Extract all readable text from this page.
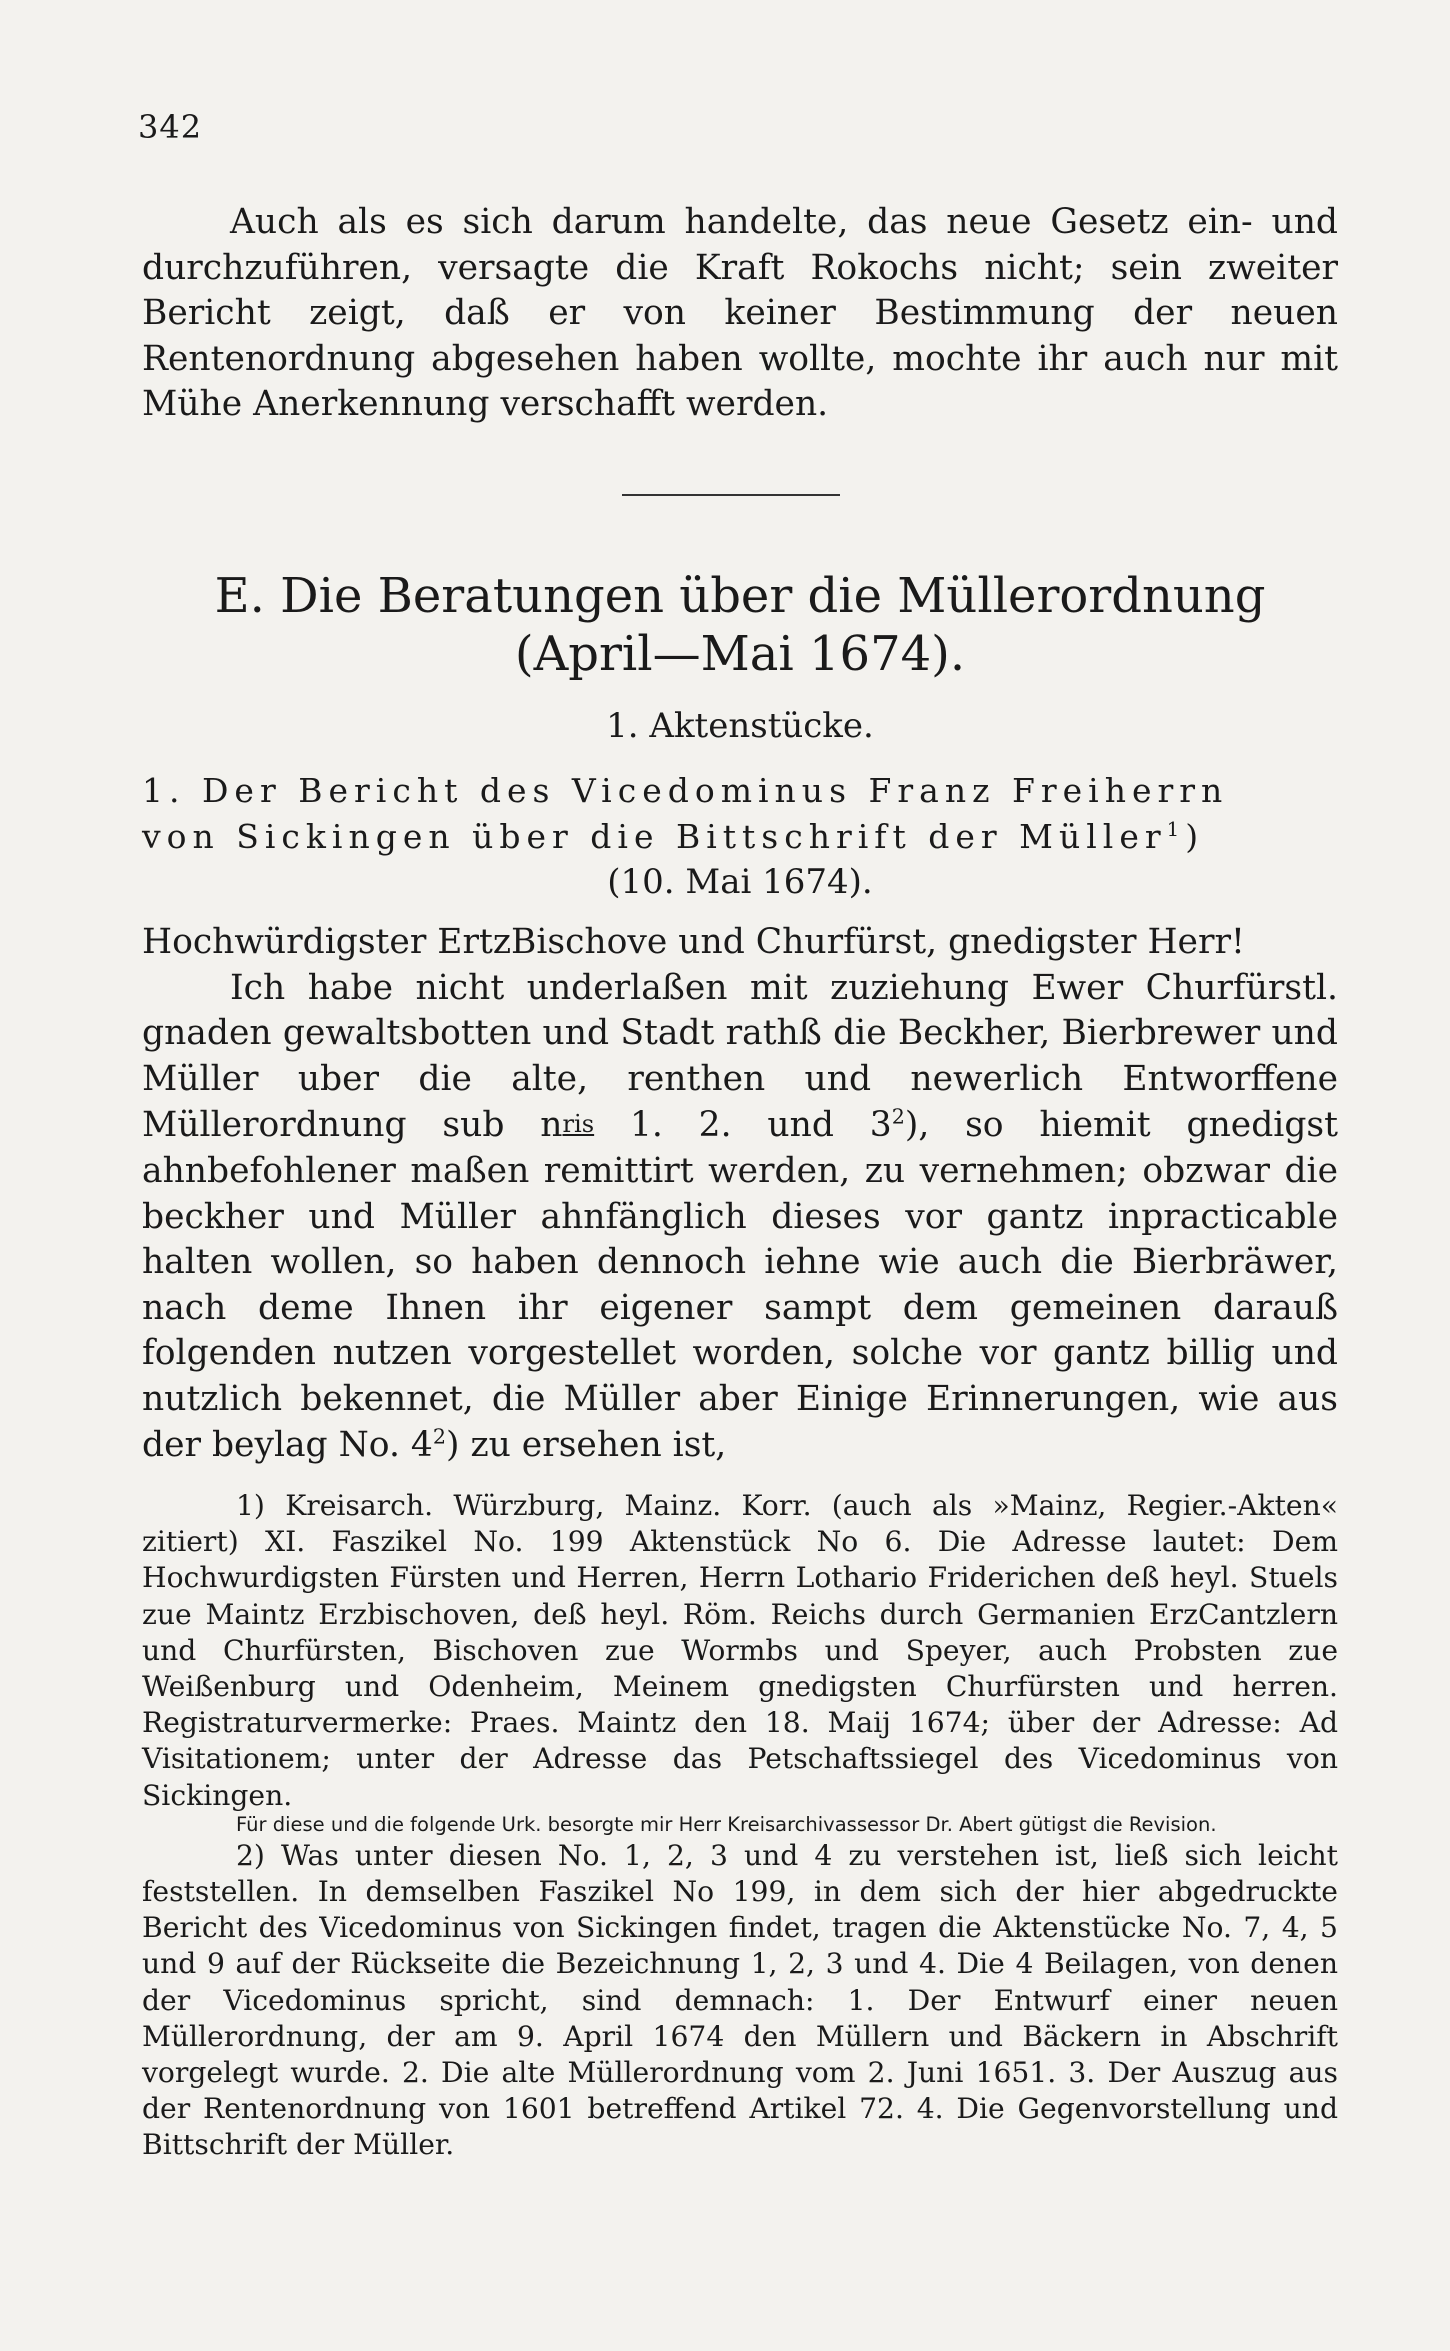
342

Auch als es sich darum handelte, das neue Gesetz ein- und durchzuführen, versagte die Kraft Rokochs nicht; sein zweiter Bericht zeigt, daß er von keiner Bestimmung der neuen Rentenordnung abgesehen haben wollte, mochte ihr auch nur mit Mühe Anerkennung verschafft werden.

E. Die Beratungen über die Müllerordnung
(April—Mai 1674).
1. Aktenstücke.

1. Der Bericht des Vicedominus Franz Freiherrn

von Sickingen über die Bittschrift der Müller$^1$)

(10. Mai 1674).

Hochwürdigster ErtzBischove und Churfürst, gnedigster Herr!

Ich habe nicht underlaßen mit zuziehung Ewer Churfürstl. gnaden gewaltsbotten und Stadt rathß die Beckher, Bierbrewer und Müller uber die alte, renthen und newerlich Entworffene Müllerordnung sub nris 1. 2. und $3^2$), so hiemit gnedigst ahnbefohlener maßen remittirt werden, zu vernehmen; obzwar die beckher und Müller ahnfänglich dieses vor gantz inpracticable halten wollen, so haben dennoch iehne wie auch die Bierbräwer, nach deme Ihnen ihr eigener sampt dem gemeinen darauß folgenden nutzen vorgestellet worden, solche vor gantz billig und nutzlich bekennet, die Müller aber Einige Erinnerungen, wie aus der beylag No. $4^2$) zu ersehen ist,

1) Kreisarch. Würzburg, Mainz. Korr. (auch als »Mainz, Regier.-Akten« zitiert) XI. Faszikel No. 199 Aktenstück No 6. Die Adresse lautet: Dem Hochwurdigsten Fürsten und Herren, Herrn Lothario Friderichen deß heyl. Stuels zue Maintz Erzbischoven, deß heyl. Röm. Reichs durch Germanien ErzCantzlern und Churfürsten, Bischoven zue Wormbs und Speyer, auch Probsten zue Weißenburg und Odenheim, Meinem gnedigsten Churfürsten und herren. Registraturvermerke: Praes. Maintz den 18. Maij 1674; über der Adresse: Ad Visitationem; unter der Adresse das Petschaftssiegel des Vicedominus von Sickingen.

Für diese und die folgende Urk. besorgte mir Herr Kreisarchivassessor Dr. Abert gütigst die Revision.

2) Was unter diesen No. 1, 2, 3 und 4 zu verstehen ist, ließ sich leicht feststellen. In demselben Faszikel No 199, in dem sich der hier abgedruckte Bericht des Vicedominus von Sickingen findet, tragen die Aktenstücke No. 7, 4, 5 und 9 auf der Rückseite die Bezeichnung 1, 2, 3 und 4. Die 4 Beilagen, von denen der Vicedominus spricht, sind demnach: 1. Der Entwurf einer neuen Müllerordnung, der am 9. April 1674 den Müllern und Bäckern in Abschrift vorgelegt wurde. 2. Die alte Müllerordnung vom 2. Juni 1651. 3. Der Auszug aus der Rentenordnung von 1601 betreffend Artikel 72. 4. Die Gegenvorstellung und Bittschrift der Müller.
